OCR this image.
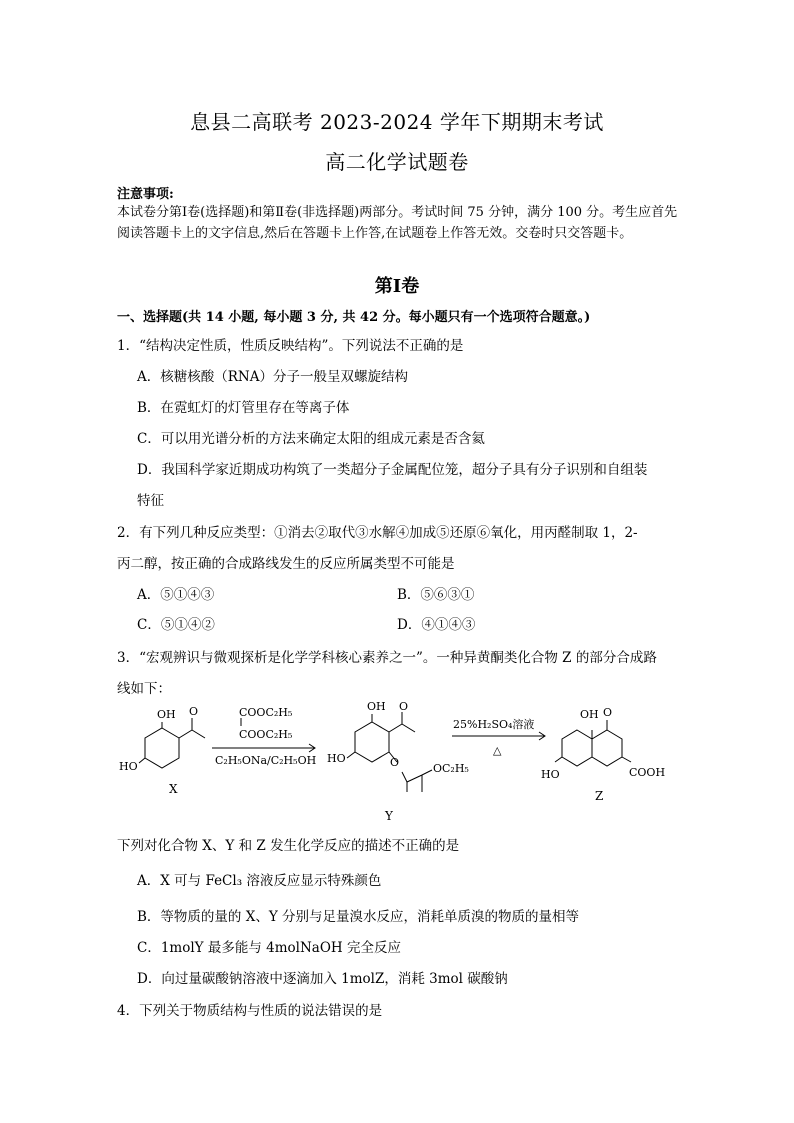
息县二高联考 2023-2024 学年下期期末考试
高二化学试题卷
注意事项:
本试卷分第Ⅰ卷(选择题)和第Ⅱ卷(非选择题)两部分。考试时间 75 分钟，满分 100 分。考生应首先阅读答题卡上的文字信息,然后在答题卡上作答,在试题卷上作答无效。交卷时只交答题卡。
第Ⅰ卷
一、选择题(共 14 小题, 每小题 3 分, 共 42 分。每小题只有一个选项符合题意。)
1．“结构决定性质，性质反映结构”。下列说法不正确的是
A．核糖核酸（RNA）分子一般呈双螺旋结构
B．在霓虹灯的灯管里存在等离子体
C．可以用光谱分析的方法来确定太阳的组成元素是否含氦
D．我国科学家近期成功构筑了一类超分子金属配位笼，超分子具有分子识别和自组装
特征
2．有下列几种反应类型：①消去②取代③水解④加成⑤还原⑥氧化，用丙醛制取 1，2-
丙二醇，按正确的合成路线发生的反应所属类型不可能是
A．⑤①④③	B．⑤⑥③①
C．⑤①④②	D．④①④③
3．“宏观辨识与微观探析是化学学科核心素养之一”。一种异黄酮类化合物 Z 的部分合成路
线如下：
OH O
HO
X
COOC₂H₅
COOC₂H₅
C₂H₅ONa/C₂H₅OH
OH O
O
HO
OC₂H₅
Y
25%H₂SO₄溶液
△
OH O
HO	COOH
Z
下列对化合物 X、Y 和 Z 发生化学反应的描述不正确的是
A．X 可与 FeCl₃ 溶液反应显示特殊颜色
B．等物质的量的 X、Y 分别与足量溴水反应，消耗单质溴的物质的量相等
C．1molY 最多能与 4molNaOH 完全反应
D．向过量碳酸钠溶液中逐滴加入 1molZ，消耗 3mol 碳酸钠
4．下列关于物质结构与性质的说法错误的是
